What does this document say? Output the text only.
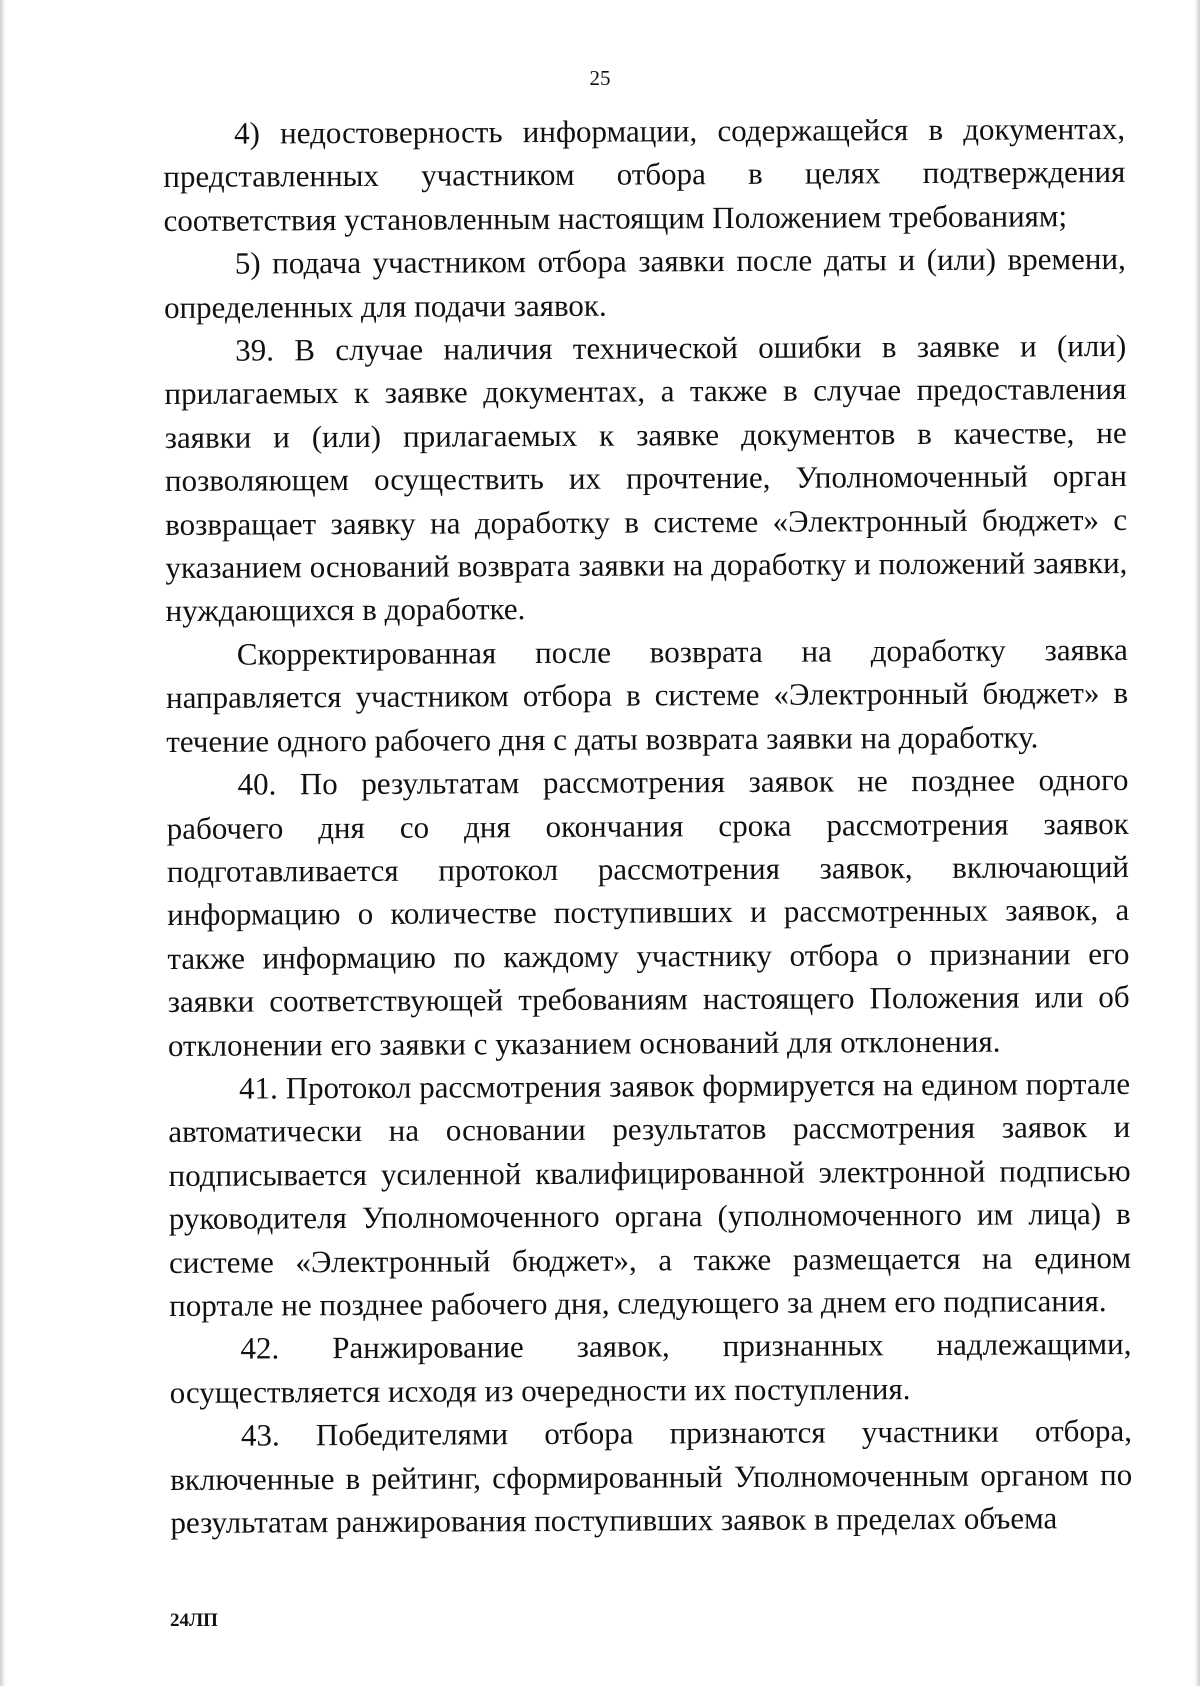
25

4) недостоверность информации, содержащейся в документах, представленных участником отбора в целях подтверждения соответствия установленным настоящим Положением требованиям;

5) подача участником отбора заявки после даты и (или) времени, определенных для подачи заявок.

39. В случае наличия технической ошибки в заявке и (или) прилагаемых к заявке документах, а также в случае предоставления заявки и (или) прилагаемых к заявке документов в качестве, не позволяющем осуществить их прочтение, Уполномоченный орган возвращает заявку на доработку в системе «Электронный бюджет» с указанием оснований возврата заявки на доработку и положений заявки, нуждающихся в доработке.

Скорректированная после возврата на доработку заявка направляется участником отбора в системе «Электронный бюджет» в течение одного рабочего дня с даты возврата заявки на доработку.

40. По результатам рассмотрения заявок не позднее одного рабочего дня со дня окончания срока рассмотрения заявок подготавливается протокол рассмотрения заявок, включающий информацию о количестве поступивших и рассмотренных заявок, а также информацию по каждому участнику отбора о признании его заявки соответствующей требованиям настоящего Положения или об отклонении его заявки с указанием оснований для отклонения.

41. Протокол рассмотрения заявок формируется на едином портале автоматически на основании результатов рассмотрения заявок и подписывается усиленной квалифицированной электронной подписью руководителя Уполномоченного органа (уполномоченного им лица) в системе «Электронный бюджет», а также размещается на едином портале не позднее рабочего дня, следующего за днем его подписания.

42. Ранжирование заявок, признанных надлежащими, осуществляется исходя из очередности их поступления.

43. Победителями отбора признаются участники отбора, включенные в рейтинг, сформированный Уполномоченным органом по результатам ранжирования поступивших заявок в пределах объема

24ЛП
